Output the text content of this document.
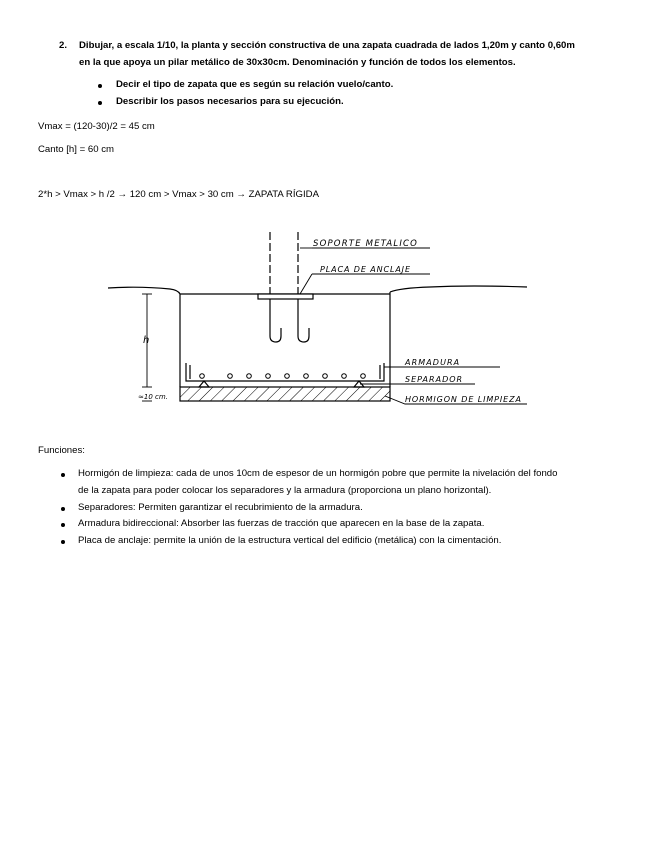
2. Dibujar, a escala 1/10, la planta y sección constructiva de una zapata cuadrada de lados 1,20m y canto 0,60m
en la que apoya un pilar metálico de 30x30cm. Denominación y función de todos los elementos.
Decir el tipo de zapata que es según su relación vuelo/canto.
Describir los pasos necesarios para su ejecución.
Vmax = (120-30)/2 = 45 cm
Canto [h] = 60 cm
2*h > Vmax > h /2 → 120 cm > Vmax > 30 cm → ZAPATA RÍGIDA
SOPORTE METALICO
PLACA DE ANCLAJE
ARMADURA
SEPARADOR
HORMIGON DE LIMPIEZA
h
≈10 cm.
Funciones:
Hormigón de limpieza: cada de unos 10cm de espesor de un hormigón pobre que permite la nivelación del fondo
de la zapata para poder colocar los separadores y la armadura (proporciona un plano horizontal).
Separadores: Permiten garantizar el recubrimiento de la armadura.
Armadura bidireccional: Absorber las fuerzas de tracción que aparecen en la base de la zapata.
Placa de anclaje: permite la unión de la estructura vertical del edificio (metálica) con la cimentación.
